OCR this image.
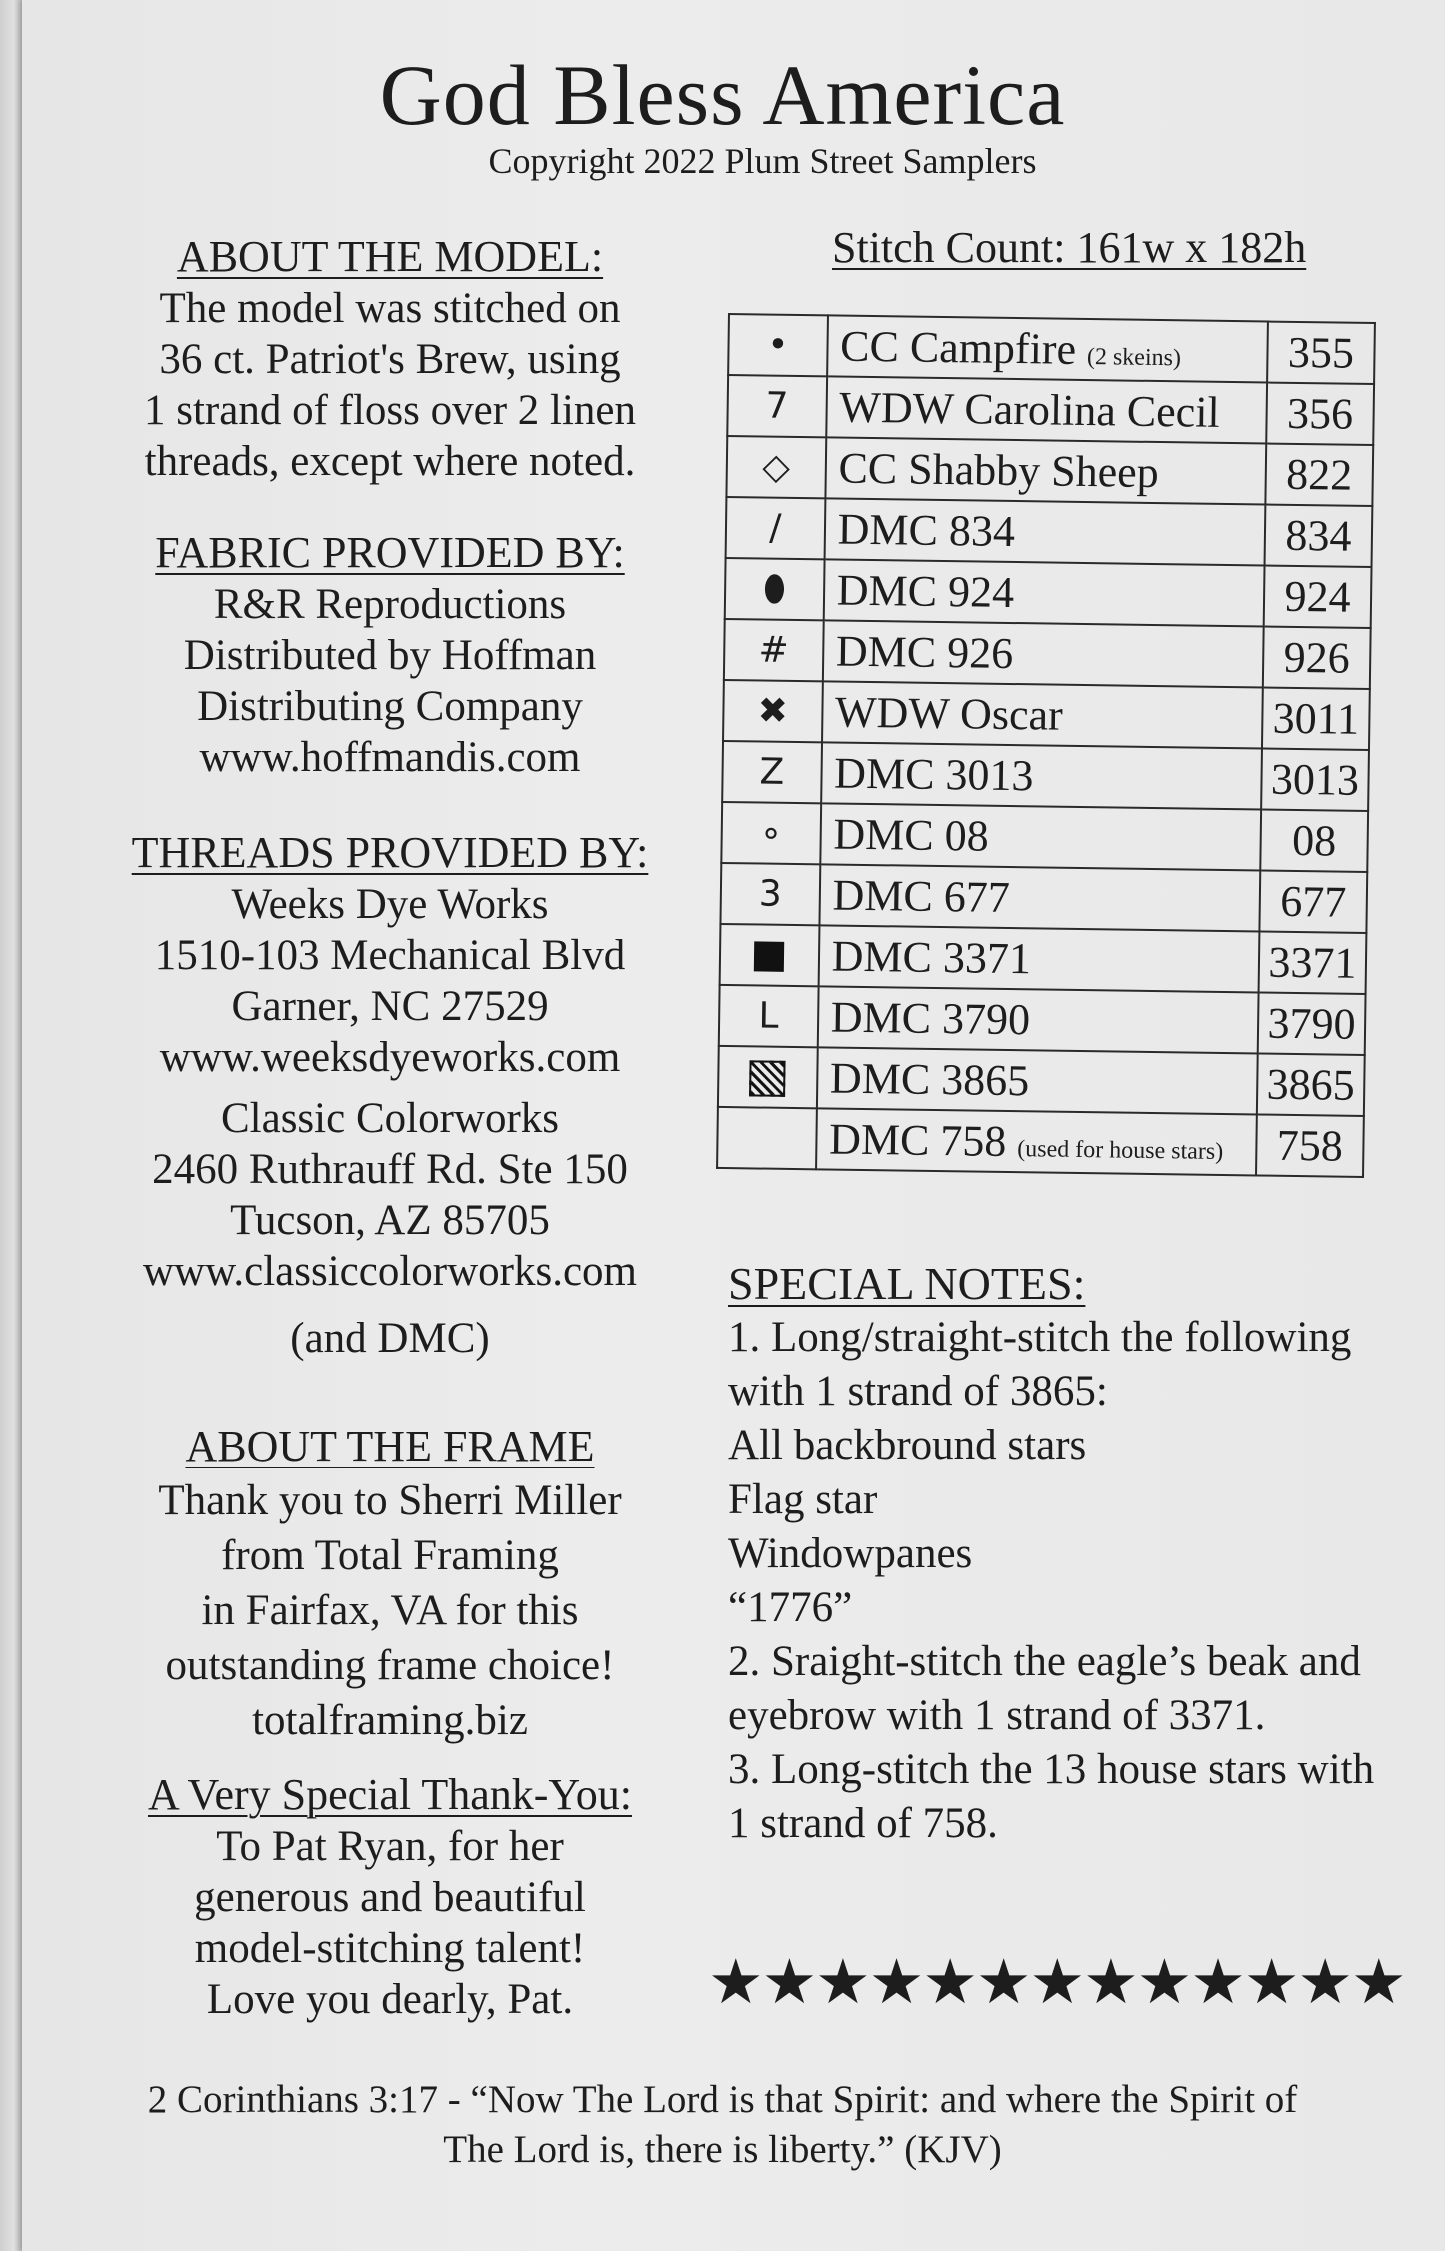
God Bless America
Copyright 2022 Plum Street Samplers
ABOUT THE MODEL:
The model was stitched on
36 ct. Patriot's Brew, using
1 strand of floss over 2 linen
threads, except where noted.
FABRIC PROVIDED BY:
R&R Reproductions
Distributed by Hoffman
Distributing Company
www.hoffmandis.com
THREADS PROVIDED BY:
Weeks Dye Works
1510-103 Mechanical Blvd
Garner, NC 27529
www.weeksdyeworks.com
Classic Colorworks
2460 Ruthrauff Rd. Ste 150
Tucson, AZ 85705
www.classiccolorworks.com
(and DMC)
ABOUT THE FRAME
Thank you to Sherri Miller
from Total Framing
in Fairfax, VA for this
outstanding frame choice!
totalframing.biz
A Very Special Thank-You:
To Pat Ryan, for her
generous and beautiful
model-stitching talent!
Love you dearly, Pat.
Stitch Count: 161w x 182h
•	CC Campfire (2 skeins)	355
7	WDW Carolina Cecil	356
◇	CC Shabby Sheep	822
∕	DMC 834	834
⬮	DMC 924	924
#	DMC 926	926
✖	WDW Oscar	3011
Z	DMC 3013	3013
∘	DMC 08	08
3	DMC 677	677
	DMC 3371	3371
L	DMC 3790	3790
	DMC 3865	3865
	DMC 758 (used for house stars)	758
SPECIAL NOTES:
1. Long/straight-stitch the following
with 1 strand of 3865:
All backbround stars
Flag star
Windowpanes
“1776”
2. Sraight-stitch the eagle’s beak and
eyebrow with 1 strand of 3371.
3. Long-stitch the 13 house stars with
1 strand of 758.
★★★★★★★★★★★★★
2 Corinthians 3:17 - “Now The Lord is that Spirit: and where the Spirit of
The Lord is, there is liberty.” (KJV)
